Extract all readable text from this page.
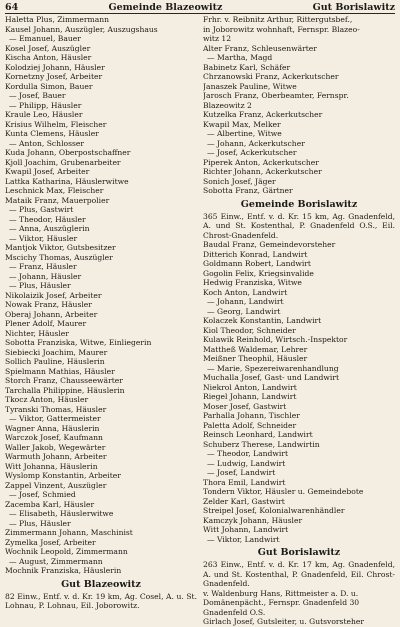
64	Gemeinde Blazeowitz	Gut Borislawitz
Haletta Plus, Zimmermann
Kausel Johann, Auszügler, Auszugshaus
— Emanuel, Bauer
Kosel Josef, Auszügler
Kischa Anton, Häusler
Kolodziej Johann, Häusler
Kornetzny Josef, Arbeiter
Kordulla Simon, Bauer
— Josef, Bauer
— Philipp, Häusler
Kraule Leo, Häusler
Krisius Wilhelm, Fleischer
Kunta Clemens, Häusler
— Anton, Schlosser
Kuda Johann, Oberpostschaffner
Kjoll Joachim, Grubenarbeiter
Kwapil Josef, Arbeiter
Lattka Katharina, Häuslerwitwe
Leschnick Max, Fleischer
Mataik Franz, Mauerpolier
— Plus, Gastwirt
— Theodor, Häusler
— Anna, Auszüglerin
— Viktor, Häusler
Mantjok Viktor, Gutsbesitzer
Mscichy Thomas, Auszügler
— Franz, Häusler
— Johann, Häusler
— Plus, Häusler
Nikolaizik Josef, Arbeiter
Nowak Franz, Häusler
Oberaj Johann, Arbeiter
Plener Adolf, Maurer
Nichter, Häusler
Sobotta Franziska, Witwe, Einliegerin
Siebiecki Joachim, Maurer
Sollich Pauline, Häuslerin
Spielmann Mathias, Häusler
Storch Franz, Chausseewärter
Tarchalla Philippine, Häuslerin
Tkocz Anton, Häusler
Tyranski Thomas, Häusler
— Viktor, Gattermeister
Wagner Anna, Häuslerin
Warczok Josef, Kaufmann
Waller Jakob, Wegewärter
Warmuth Johann, Arbeiter
Witt Johanna, Häuslerin
Wyslomp Konstantin, Arbeiter
Zappel Vinzent, Auszügler
— Josef, Schmied
Zacemba Karl, Häusler
— Elisabeth, Häuslerwitwe
— Plus, Häusler
Zimmermann Johann, Maschinist
Zymelka Josef, Arbeiter
Wochnik Leopold, Zimmermann
— August, Zimmermann
Mochnik Franziska, Häuslerin
Gut Blazeowitz

82 Einw., Entf. v. d. Kr. 19 km, Ag. Cosel, A. u. St. Lohnau, P. Lohnau, Eil. Joborowitz.

Frhr. v. Reibnitz Arthur, Rittergutsbef.,
in Joborowitz wohnhaft, Fernspr. Blazeo-
witz 12
Alter Franz, Schleusenwärter
— Martha, Magd
Babinetz Karl, Schäfer
Chrzanowski Franz, Ackerkutscher
Janaszek Pauline, Witwe
Jarosch Franz, Oberbeamter, Fernspr.
Blazeowitz 2
Kutzelka Franz, Ackerkutscher
Kwapil Max, Melker
— Albertine, Witwe
— Johann, Ackerkutscher
— Josef, Ackerkutscher
Piperek Anton, Ackerkutscher
Richter Johann, Ackerkutscher
Sonich Josef, Jäger
Sobotta Franz, Gärtner
Gemeinde Borislawitz

365 Einw., Entf. v. d. Kr. 15 km, Ag. Gnadenfeld, A. und St. Kostenthal, P. Gnadenfeld O.S., Eil. Chrost-Gnadenfeld.

Baudal Franz, Gemeindevorsteher
Ditterich Konrad, Landwirt
Goldmann Robert, Landwirt
Gogolin Felix, Kriegsinvalide
Hedwig Franziska, Witwe
Koch Anton, Landwirt
— Johann, Landwirt
— Georg, Landwirt
Kolaczek Konstantin, Landwirt
Kiol Theodor, Schneider
Kulawik Reinhold, Wirtsch.-Inspektor
Mattheß Waldemar, Lehrer
Meißner Theophil, Häusler
— Marie, Spezereiwarenhandlung
Muchalla Josef, Gast- und Landwirt
Niekrol Anton, Landwirt
Riegel Johann, Landwirt
Moser Josef, Gastwirt
Parhalla Johann, Tischler
Paletta Adolf, Schneider
Reinsch Leonhard, Landwirt
Schuberz Therese, Landwirtin
— Theodor, Landwirt
— Ludwig, Landwirt
— Josef, Landwirt
Thora Emil, Landwirt
Tondern Viktor, Häusler u. Gemeindebote
Zelder Karl, Gastwirt
Streipel Josef, Kolonialwarenhändler
Kamczyk Johann, Häusler
Witt Johann, Landwirt
— Viktor, Landwirt
Gut Borislawitz

263 Einw., Entf. v. d. Kr. 17 km, Ag. Gnadenfeld, A. und St. Kostenthal, P. Gnadenfeld, Eil. Chrost-Gnadenfeld.

v. Waldenburg Hans, Rittmeister a. D. u.
Domänenpächt., Fernspr. Gnadenfeld 30
Gnadenfeld O.S.
Girlach Josef, Gutsleiter, u. Gutsvorsteher
